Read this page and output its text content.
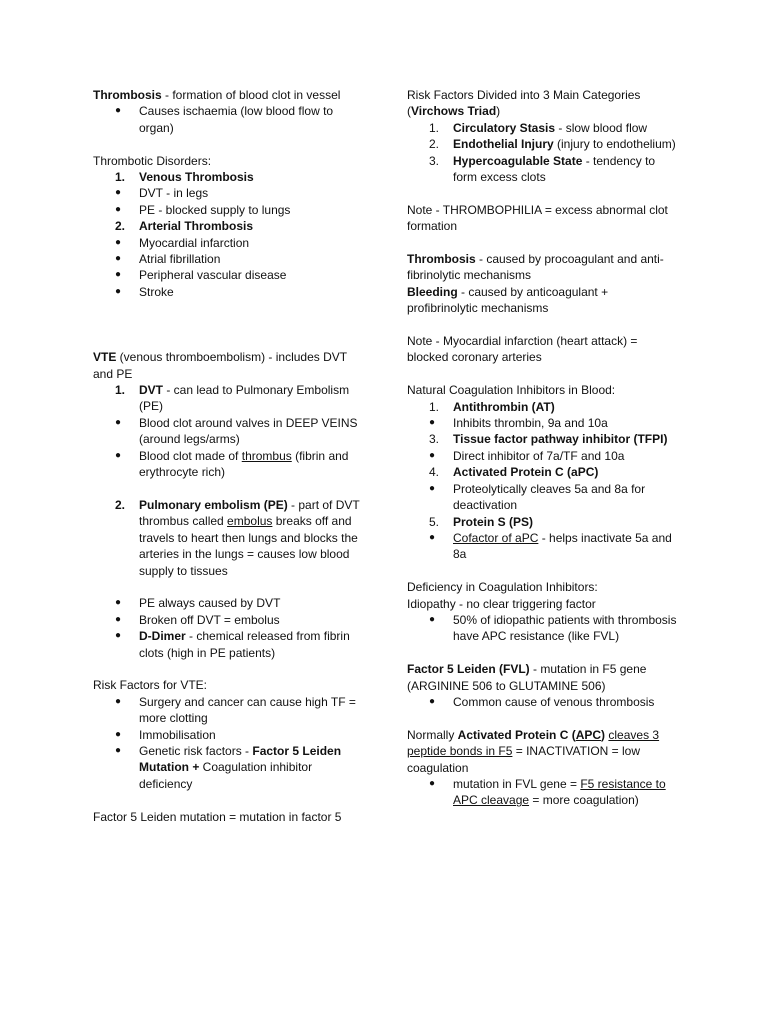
Thrombosis - formation of blood clot in vessel

● Causes ischaemia (low blood flow to organ)

Thrombotic Disorders:

1. Venous Thrombosis
● DVT - in legs
● PE - blocked supply to lungs
2. Arterial Thrombosis
● Myocardial infarction
● Atrial fibrillation
● Peripheral vascular disease
● Stroke

VTE (venous thromboembolism) - includes DVT and PE

1. DVT - can lead to Pulmonary Embolism (PE)
● Blood clot around valves in DEEP VEINS (around legs/arms)
● Blood clot made of thrombus (fibrin and erythrocyte rich)
2. Pulmonary embolism (PE) - part of DVT thrombus called embolus breaks off and travels to heart then lungs and blocks the arteries in the lungs = causes low blood supply to tissues
● PE always caused by DVT
● Broken off DVT = embolus
● D-Dimer - chemical released from fibrin clots (high in PE patients)

Risk Factors for VTE:

● Surgery and cancer can cause high TF = more clotting
● Immobilisation
● Genetic risk factors - Factor 5 Leiden Mutation + Coagulation inhibitor deficiency

Factor 5 Leiden mutation = mutation in factor 5

Risk Factors Divided into 3 Main Categories (Virchows Triad)

1. Circulatory Stasis - slow blood flow
2. Endothelial Injury (injury to endothelium)
3. Hypercoagulable State - tendency to form excess clots

Note - THROMBOPHILIA = excess abnormal clot formation

Thrombosis - caused by procoagulant and anti-fibrinolytic mechanisms

Bleeding - caused by anticoagulant + profibrinolytic mechanisms

Note - Myocardial infarction (heart attack) = blocked coronary arteries

Natural Coagulation Inhibitors in Blood:

1. Antithrombin (AT)
● Inhibits thrombin, 9a and 10a
3. Tissue factor pathway inhibitor (TFPI)
● Direct inhibitor of 7a/TF and 10a
4. Activated Protein C (aPC)
● Proteolytically cleaves 5a and 8a for deactivation
5. Protein S (PS)
● Cofactor of aPC - helps inactivate 5a and 8a

Deficiency in Coagulation Inhibitors:

Idiopathy - no clear triggering factor

● 50% of idiopathic patients with thrombosis have APC resistance (like FVL)

Factor 5 Leiden (FVL) - mutation in F5 gene (ARGININE 506 to GLUTAMINE 506)

● Common cause of venous thrombosis

Normally Activated Protein C (APC) cleaves 3 peptide bonds in F5 = INACTIVATION = low coagulation

● mutation in FVL gene = F5 resistance to APC cleavage = more coagulation)
